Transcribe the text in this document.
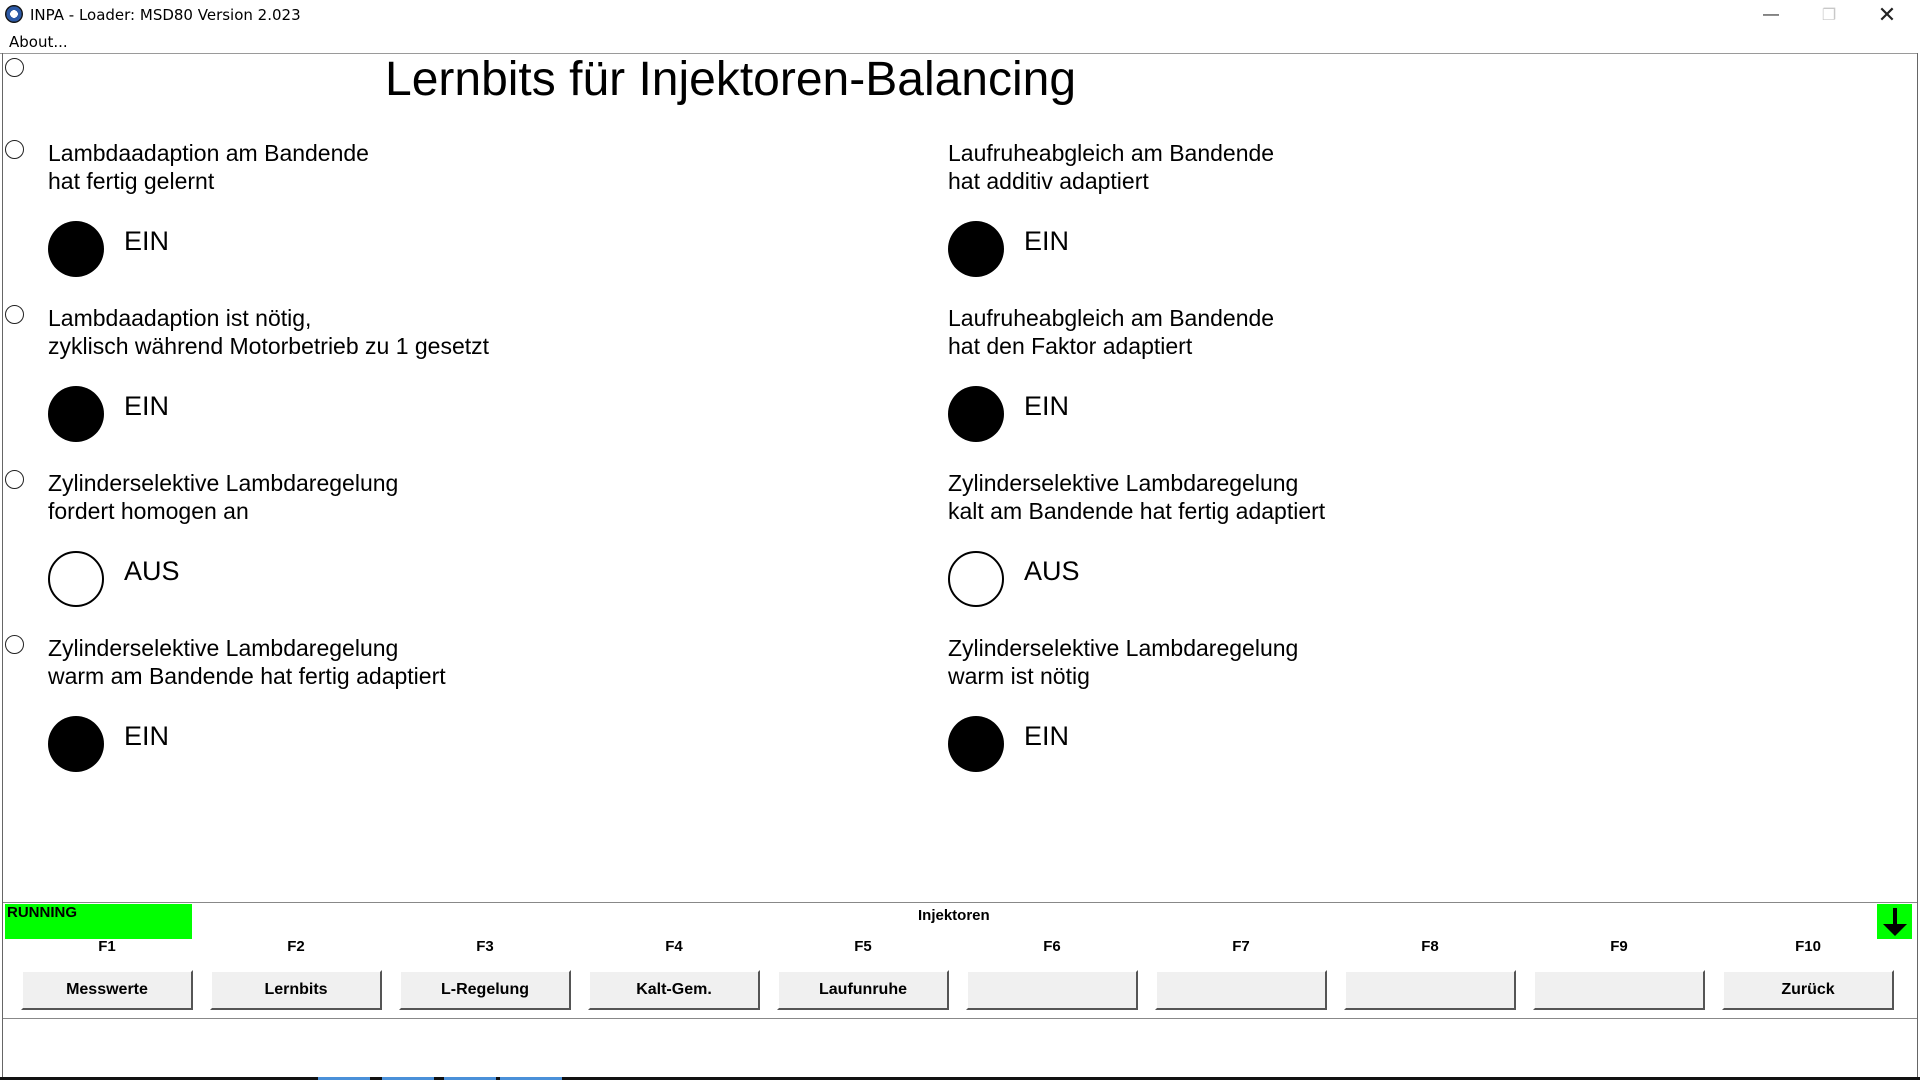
INPA - Loader: MSD80 Version 2.023	—	❐	✕
About...
Lernbits für Injektoren-Balancing
Lambdaadaption am Bandende
hat fertig gelernt
EIN
Laufruheabgleich am Bandende
hat additiv adaptiert
EIN
Lambdaadaption ist nötig,
zyklisch während Motorbetrieb zu 1 gesetzt
EIN
Laufruheabgleich am Bandende
hat den Faktor adaptiert
EIN
Zylinderselektive Lambdaregelung
fordert homogen an
AUS
Zylinderselektive Lambdaregelung
kalt am Bandende hat fertig adaptiert
AUS
Zylinderselektive Lambdaregelung
warm am Bandende hat fertig adaptiert
EIN
Zylinderselektive Lambdaregelung
warm ist nötig
EIN
RUNNING	Injektoren
F1
Messwerte
F2
Lernbits
F3
L-Regelung
F4
Kalt-Gem.
F5
Laufunruhe
F6	F7	F8	F9	F10
Zurück
